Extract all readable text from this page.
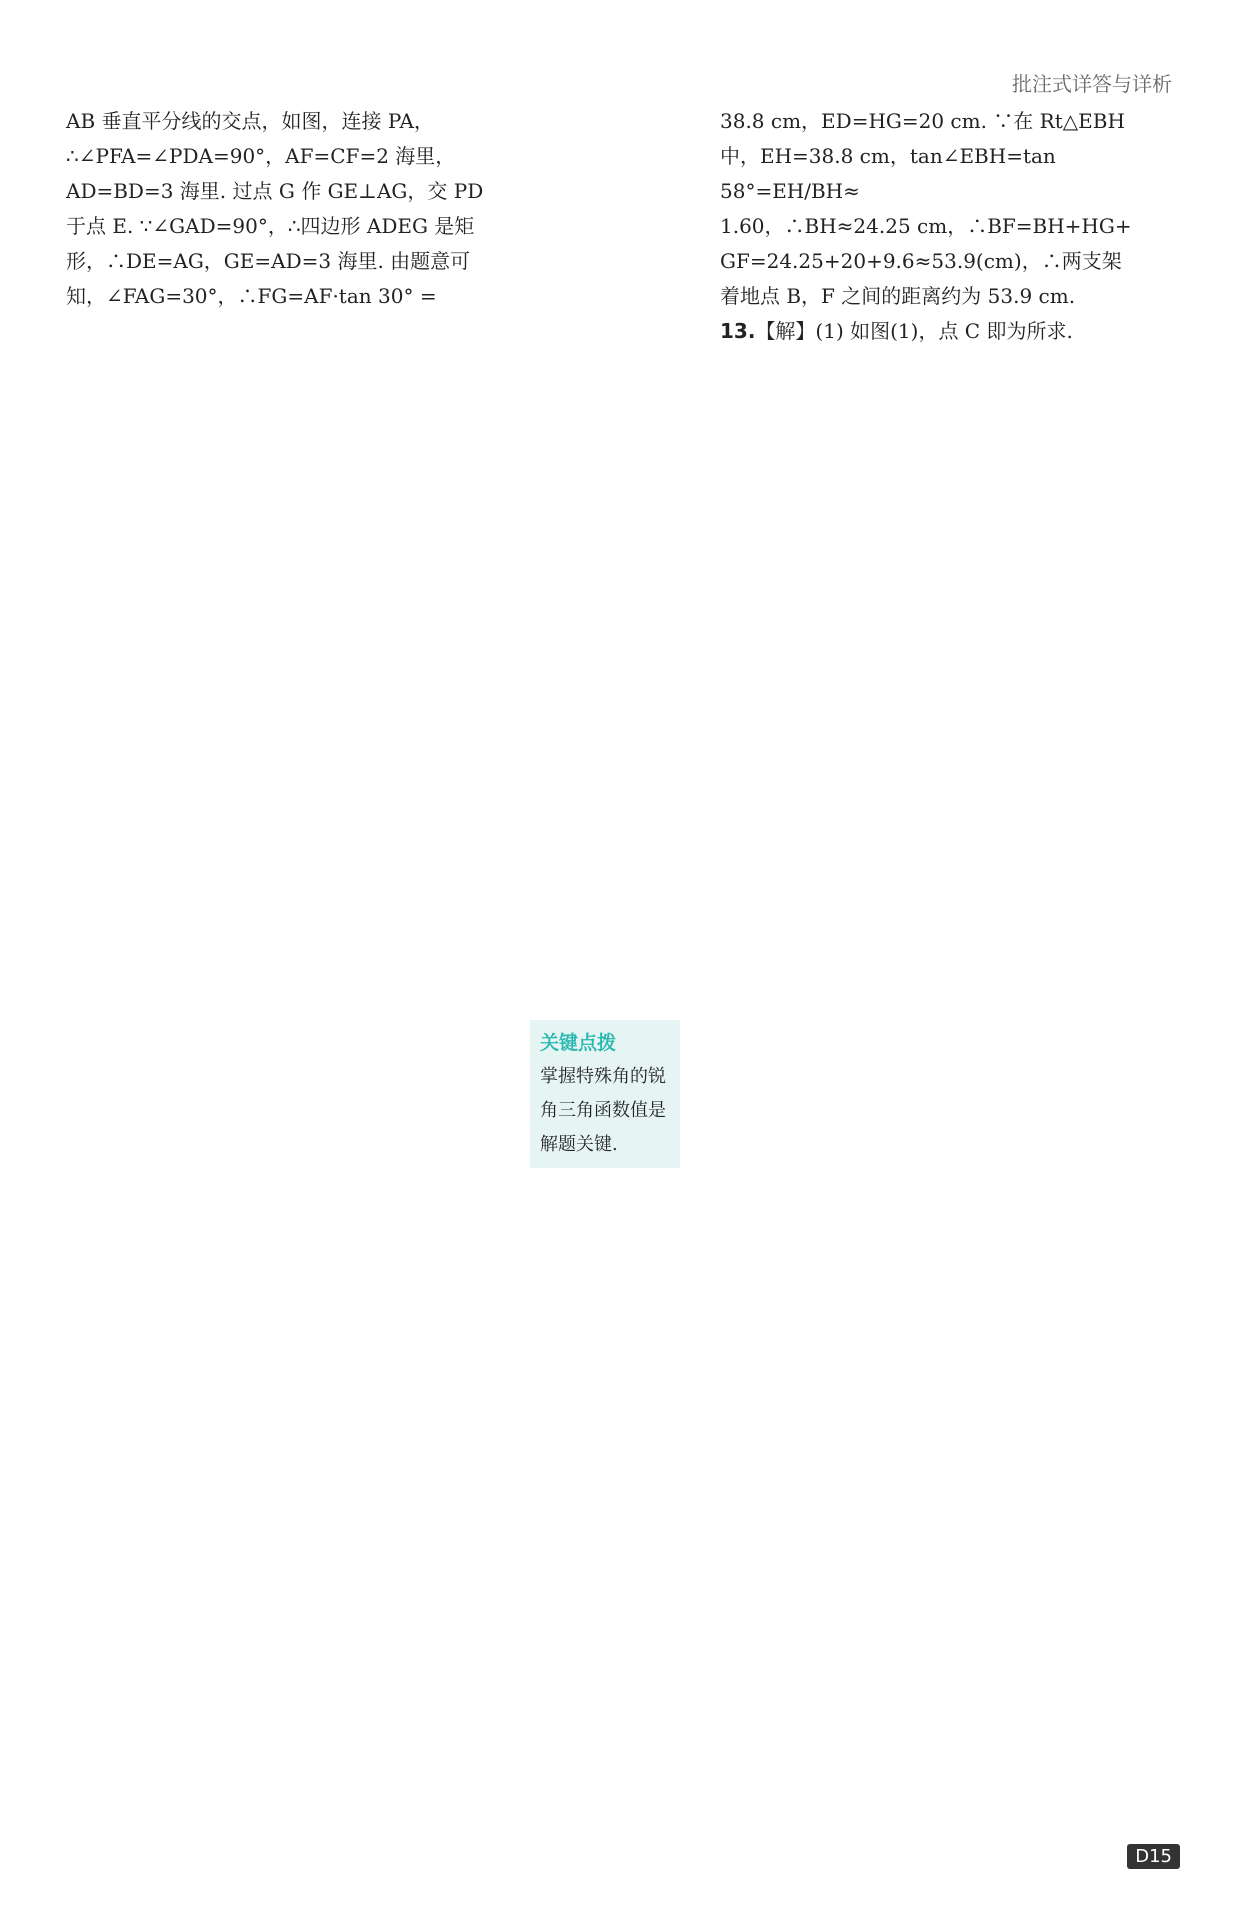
批注式详答与详析

AB 垂直平分线的交点，如图，连接 PA，

∴∠PFA=∠PDA=90°，AF=CF=2 海里，

AD=BD=3 海里. 过点 G 作 GE⊥AG，交 PD

于点 E. ∵∠GAD=90°，∴四边形 ADEG 是矩

形，∴DE=AG，GE=AD=3 海里. 由题意可

知，∠FAG=30°，∴FG=AF·tan 30° =

38.8 cm，ED=HG=20 cm. ∵在 Rt△EBH

中，EH=38.8 cm，tan∠EBH=tan 58°=EH/BH≈

1.60，∴BH≈24.25 cm，∴BF=BH+HG+

GF=24.25+20+9.6≈53.9(cm)，∴两支架

着地点 B，F 之间的距离约为 53.9 cm.

13.【解】(1) 如图(1)，点 C 即为所求.

关键点拨
掌握特殊角的锐角三角函数值是解题关键.
D15
